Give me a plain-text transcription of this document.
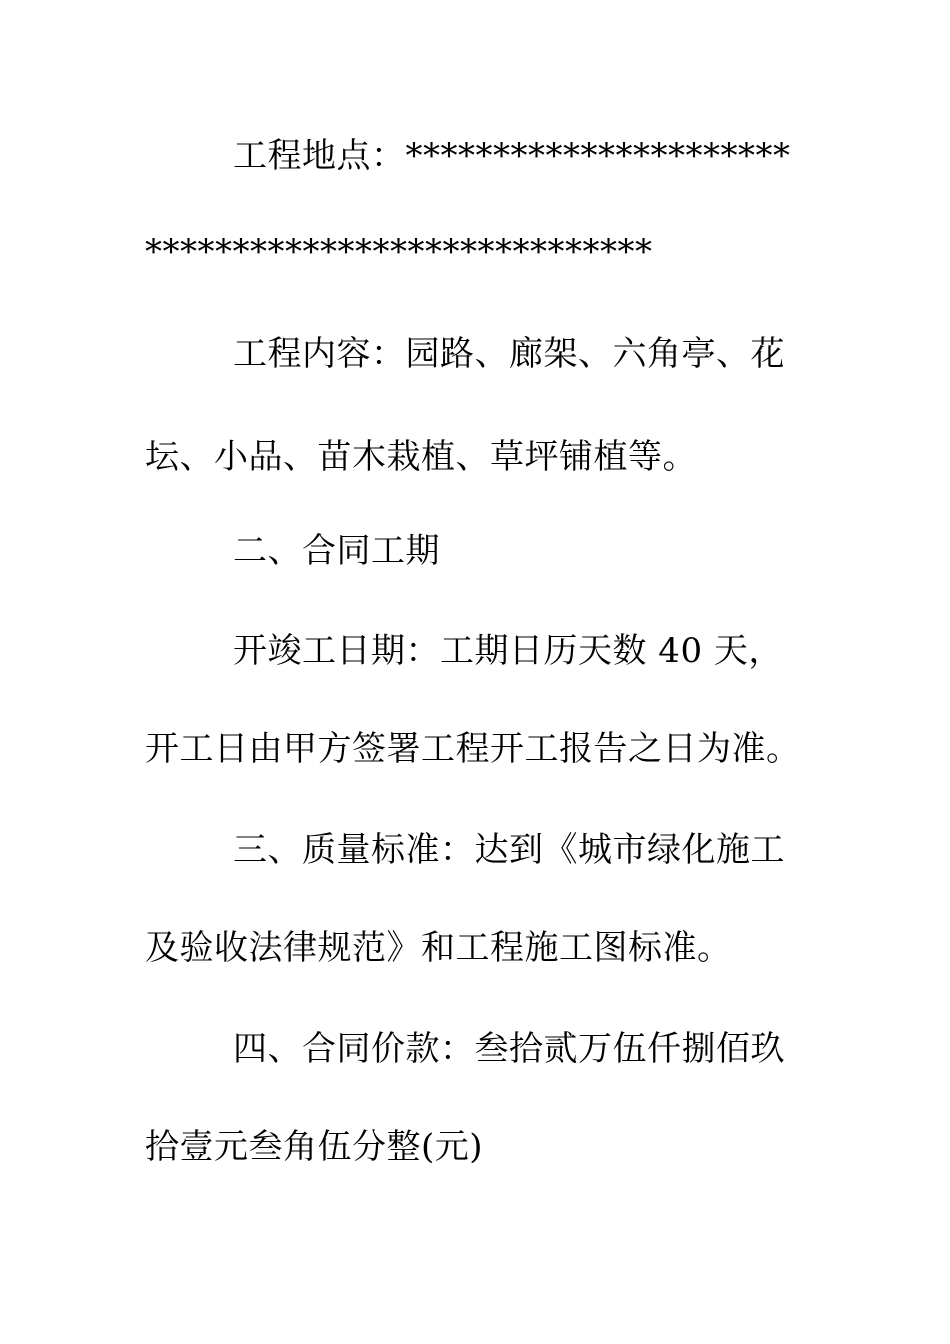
工程地点：**********************
*****************************
工程内容：园路、廊架、六角亭、花
坛、小品、苗木栽植、草坪铺植等。
二、合同工期
开竣工日期：工期日历天数 40 天，
开工日由甲方签署工程开工报告之日为准。
三、质量标准：达到《城市绿化施工
及验收法律规范》和工程施工图标准。
四、合同价款：叁拾贰万伍仟捌佰玖
拾壹元叁角伍分整(元)
